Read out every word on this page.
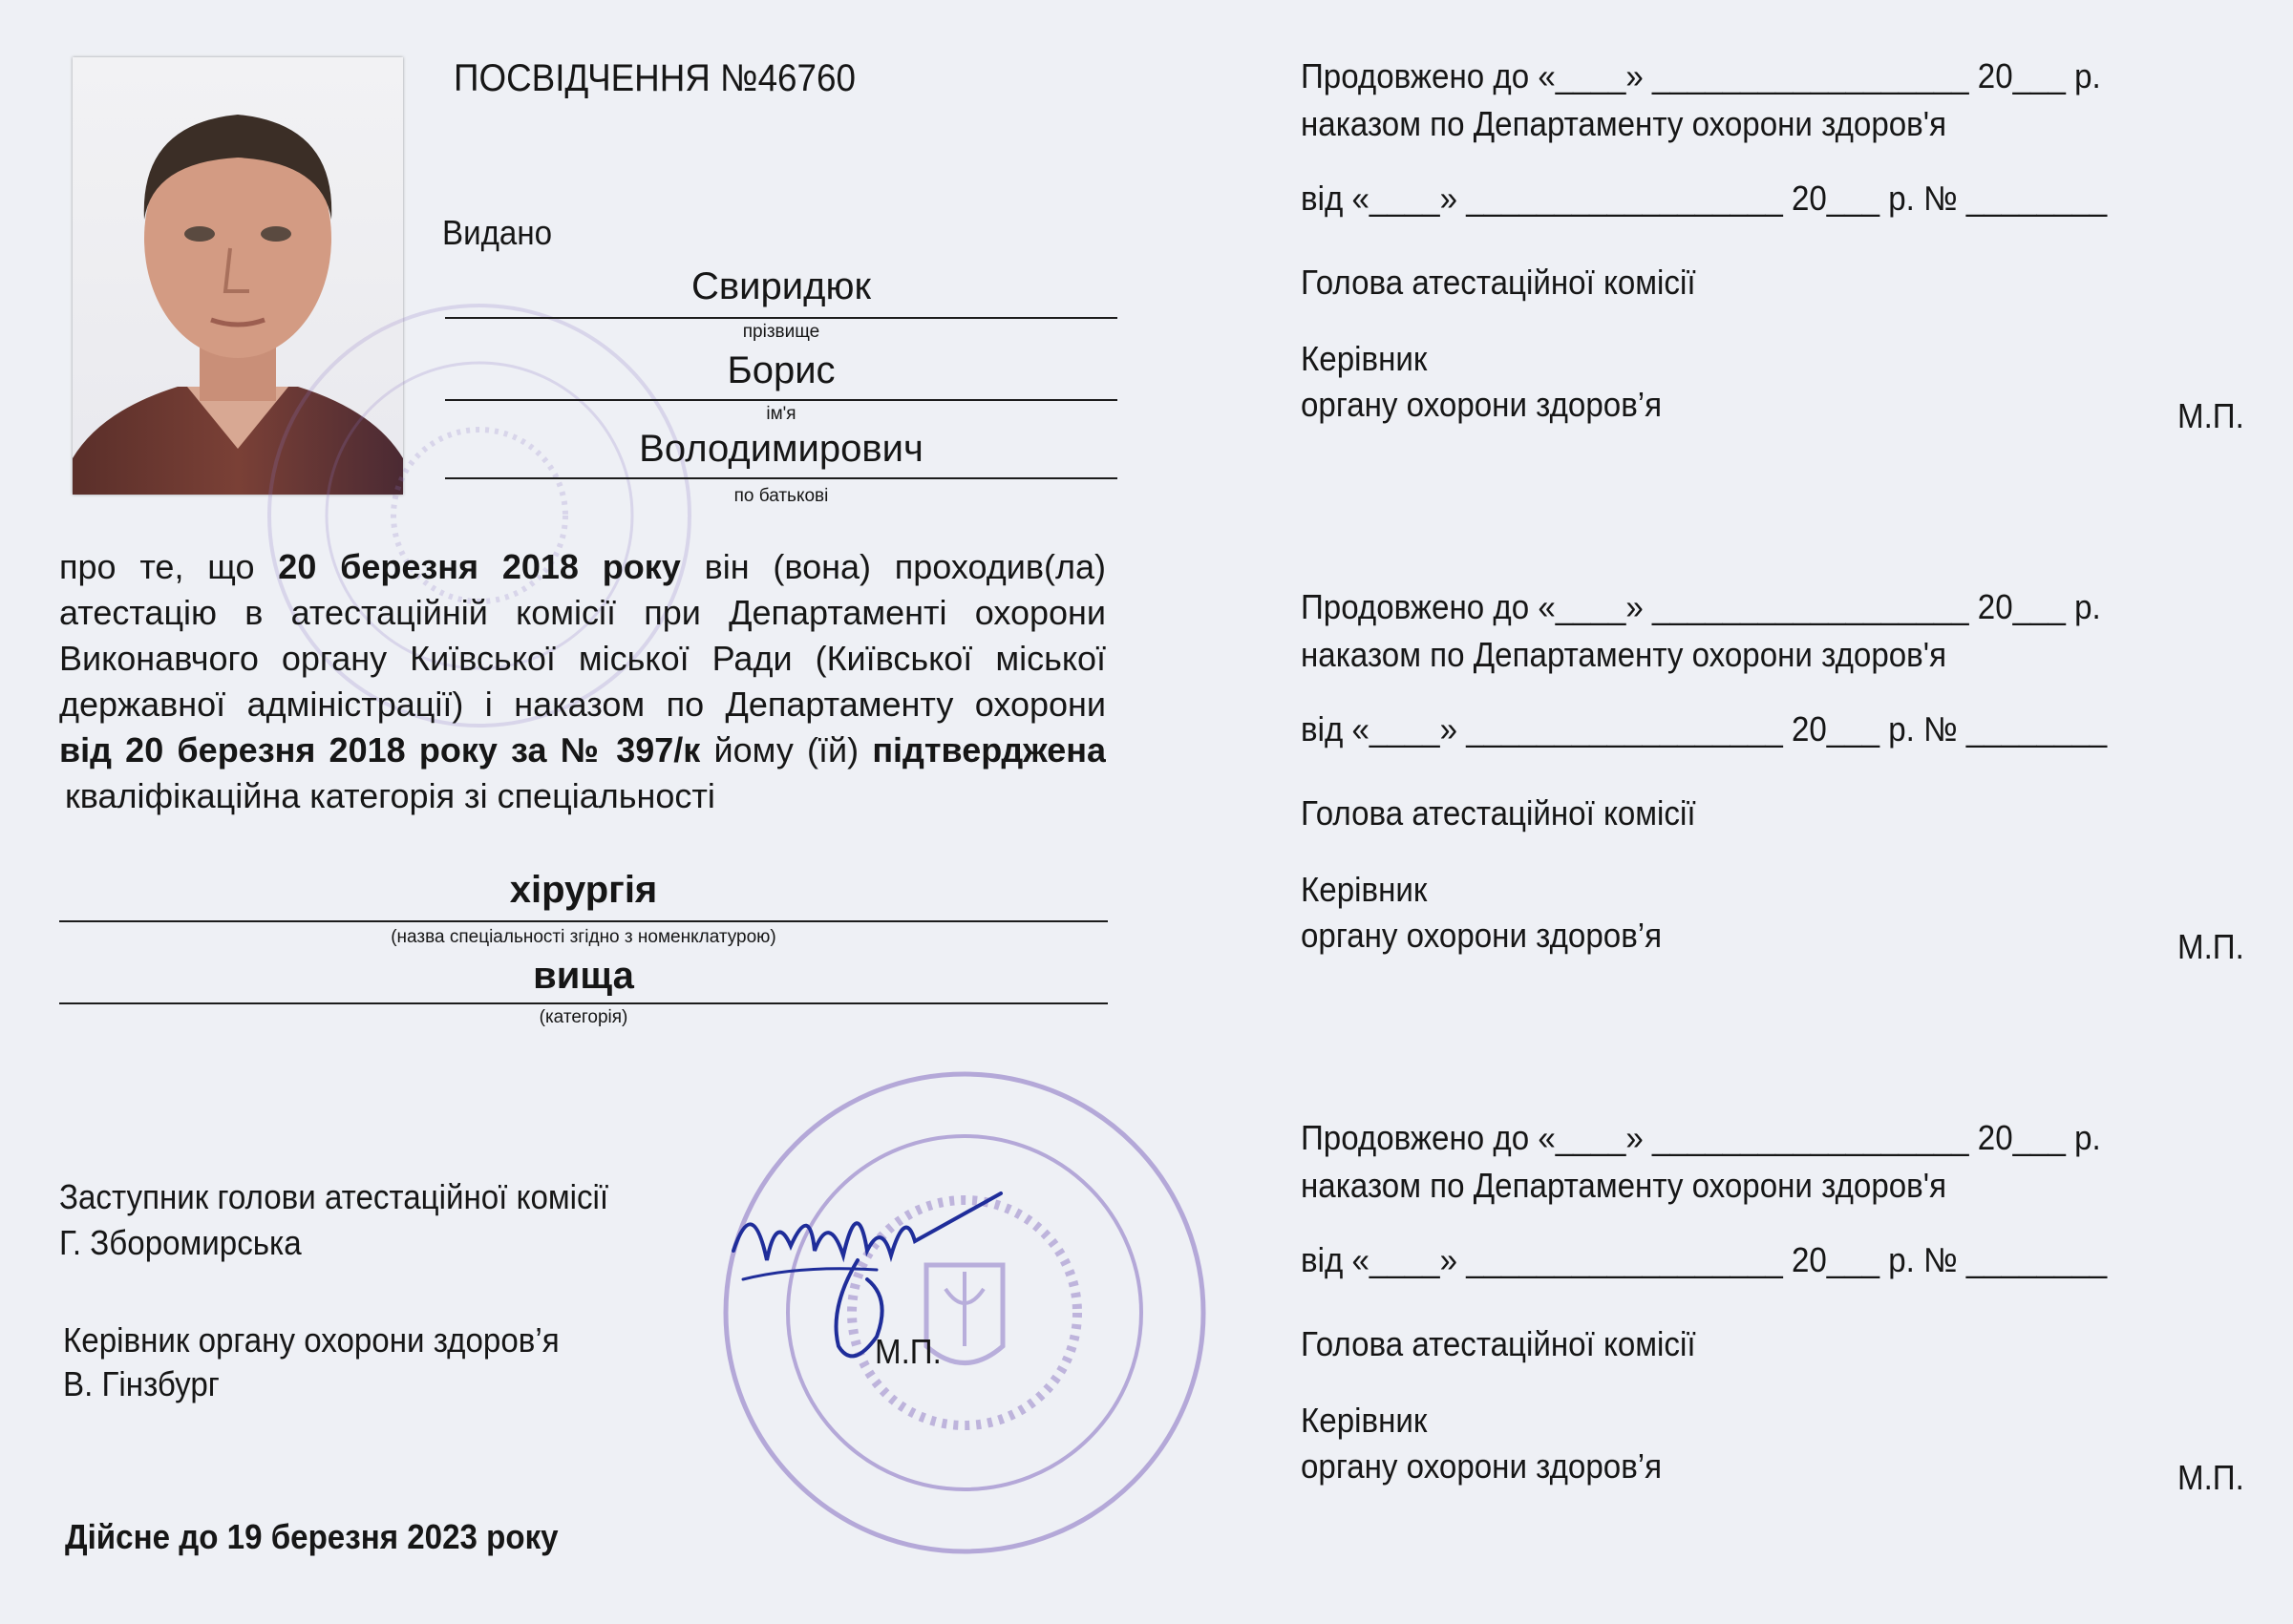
ПОСВІДЧЕННЯ №46760
Видано
Свиридюк
прізвище
Борис
ім'я
Володимирович
по батькові
про те, що 20 березня 2018 року він (вона) проходив(ла)
атестацію в атестаційній комісії при Департаменті охорони
Виконавчого органу Київської міської Ради (Київської міської
державної адміністрації) і наказом по Департаменту охорони
від 20 березня 2018 року за № 397/к йому (їй) підтверджена
кваліфікаційна категорія зі спеціальності
хірургія
(назва спеціальності згідно з номенклатурою)
вища
(категорія)
Заступник голови атестаційної комісії
Г. Зборомирська
Керівник органу охорони здоров’я
В. Гінзбург
М.П.
Дійсне до 19 березня 2023 року
Продовжено до «____» __________________ 20___ р.
наказом по Департаменту охорони здоров'я
від «____» __________________ 20___ р. № ________
Голова атестаційної комісії
Керівник
органу охорони здоров’я	М.П.
Продовжено до «____» __________________ 20___ р.
наказом по Департаменту охорони здоров'я
від «____» __________________ 20___ р. № ________
Голова атестаційної комісії
Керівник
органу охорони здоров’я	М.П.
Продовжено до «____» __________________ 20___ р.
наказом по Департаменту охорони здоров'я
від «____» __________________ 20___ р. № ________
Голова атестаційної комісії
Керівник
органу охорони здоров’я	М.П.
